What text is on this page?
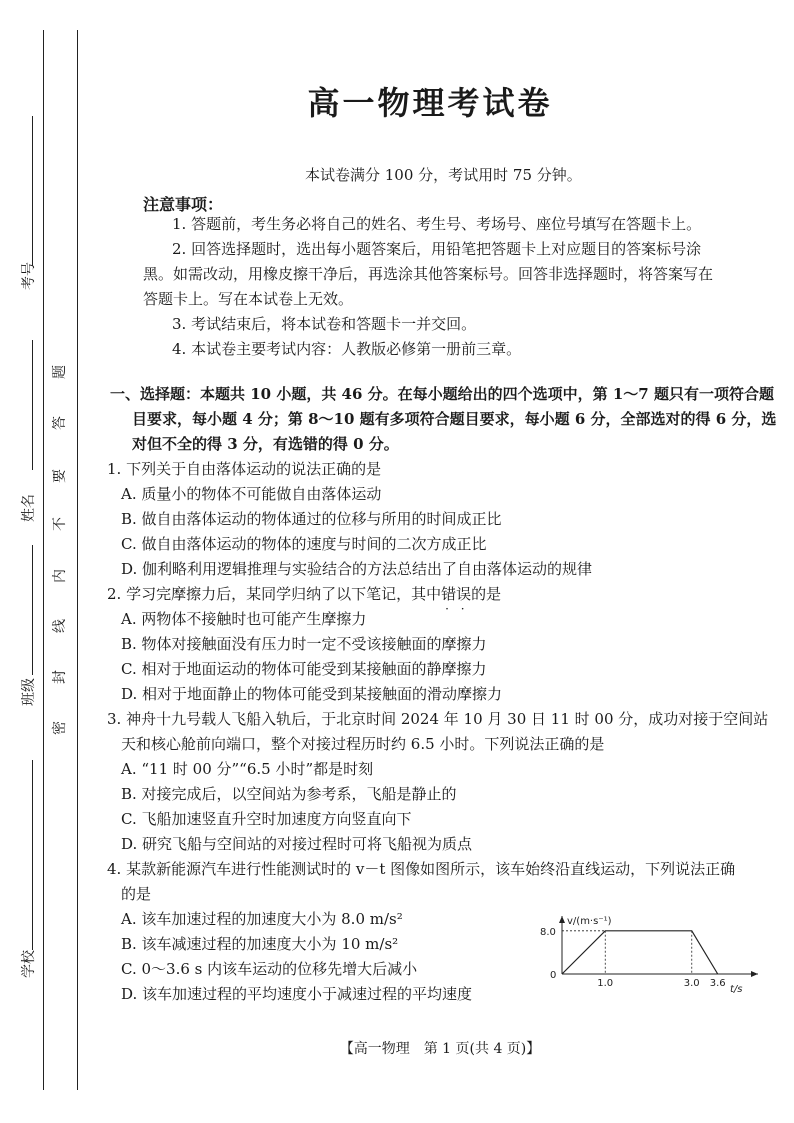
考号
姓名
班级
学校
题
答
要
不
内
线
封
密
高一物理考试卷
本试卷满分 100 分，考试用时 75 分钟。
注意事项：
1. 答题前，考生务必将自己的姓名、考生号、考场号、座位号填写在答题卡上。
2. 回答选择题时，选出每小题答案后，用铅笔把答题卡上对应题目的答案标号涂
黑。如需改动，用橡皮擦干净后，再选涂其他答案标号。回答非选择题时，将答案写在
答题卡上。写在本试卷上无效。
3. 考试结束后，将本试卷和答题卡一并交回。
4. 本试卷主要考试内容：人教版必修第一册前三章。
一、选择题：本题共 10 小题，共 46 分。在每小题给出的四个选项中，第 1～7 题只有一项符合题
目要求，每小题 4 分；第 8～10 题有多项符合题目要求，每小题 6 分，全部选对的得 6 分，选
对但不全的得 3 分，有选错的得 0 分。
1. 下列关于自由落体运动的说法正确的是
A. 质量小的物体不可能做自由落体运动
B. 做自由落体运动的物体通过的位移与所用的时间成正比
C. 做自由落体运动的物体的速度与时间的二次方成正比
D. 伽利略利用逻辑推理与实验结合的方法总结出了自由落体运动的规律
2. 学习完摩擦力后，某同学归纳了以下笔记，其中错误 · ·的是
A. 两物体不接触时也可能产生摩擦力
B. 物体对接触面没有压力时一定不受该接触面的摩擦力
C. 相对于地面运动的物体可能受到某接触面的静摩擦力
D. 相对于地面静止的物体可能受到某接触面的滑动摩擦力
3. 神舟十九号载人飞船入轨后，于北京时间 2024 年 10 月 30 日 11 时 00 分，成功对接于空间站
天和核心舱前向端口，整个对接过程历时约 6.5 小时。下列说法正确的是
A. “11 时 00 分”“6.5 小时”都是时刻
B. 对接完成后，以空间站为参考系，飞船是静止的
C. 飞船加速竖直升空时加速度方向竖直向下
D. 研究飞船与空间站的对接过程时可将飞船视为质点
4. 某款新能源汽车进行性能测试时的 v－t 图像如图所示，该车始终沿直线运动，下列说法正确
的是
A. 该车加速过程的加速度大小为 8.0 m/s²
B. 该车减速过程的加速度大小为 10 m/s²
C. 0～3.6 s 内该车运动的位移先增大后减小
D. 该车加速过程的平均速度小于减速过程的平均速度
1.0	3.0 3.6
8.0
v/(m·s⁻¹)
t/s
0
【高一物理　第 1 页(共 4 页)】
